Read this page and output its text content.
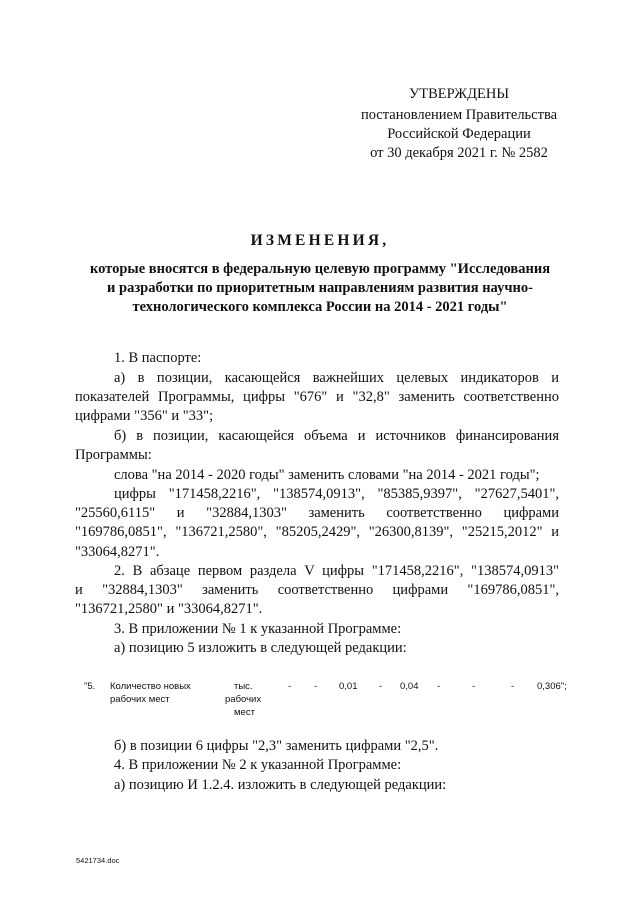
УТВЕРЖДЕНЫ
постановлением Правительства
Российской Федерации
от 30 декабря 2021 г. № 2582
ИЗМЕНЕНИЯ,
которые вносятся в федеральную целевую программу "Исследования
и разработки по приоритетным направлениям развития научно-
технологического комплекса России на 2014 - 2021 годы"
1. В паспорте:
а) в позиции, касающейся важнейших целевых индикаторов и
показателей Программы, цифры "676" и "32,8" заменить соответственно
цифрами "356" и "33";
б) в позиции, касающейся объема и источников финансирования
Программы:
слова "на 2014 - 2020 годы" заменить словами "на 2014 - 2021 годы";
цифры "171458,2216", "138574,0913", "85385,9397", "27627,5401",
"25560,6115" и "32884,1303" заменить соответственно цифрами
"169786,0851", "136721,2580", "85205,2429", "26300,8139", "25215,2012" и
"33064,8271".
2. В абзаце первом раздела V цифры "171458,2216", "138574,0913"
и "32884,1303" заменить соответственно цифрами "169786,0851",
"136721,2580" и "33064,8271".
3. В приложении № 1 к указанной Программе:
а) позицию 5 изложить в следующей редакции:
"5. Количество новых
рабочих мест
тыс.
рабочих
мест
- - 0,01 - 0,04 -	-	- 0,306";
б) в позиции 6 цифры "2,3" заменить цифрами "2,5".
4. В приложении № 2 к указанной Программе:
а) позицию И 1.2.4. изложить в следующей редакции:
5421734.doc
